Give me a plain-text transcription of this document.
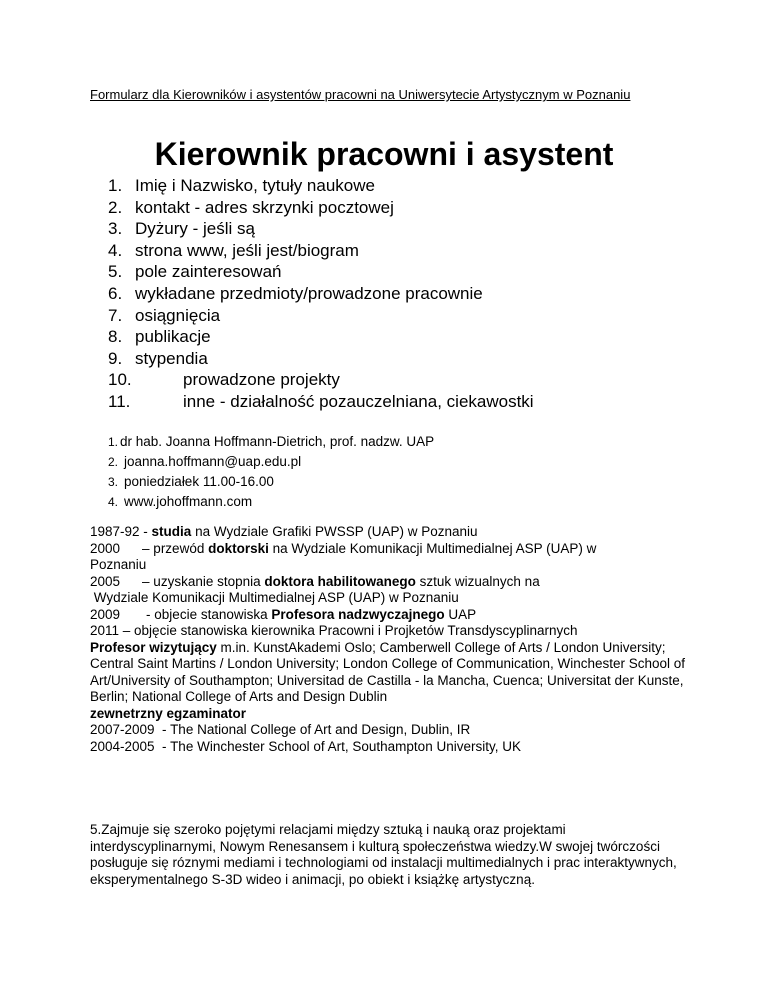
Formularz dla Kierowników i asystentów pracowni na Uniwersytecie Artystycznym w Poznaniu
Kierownik pracowni i asystent
1. Imię i Nazwisko, tytuły naukowe
2. kontakt - adres skrzynki pocztowej
3. Dyżury - jeśli są
4. strona www, jeśli jest/biogram
5. pole zainteresowań
6. wykładane przedmioty/prowadzone pracownie
7. osiągnięcia
8. publikacje
9. stypendia
10.	prowadzone projekty
11.	inne - działalność pozauczelniana, ciekawostki
1. dr hab. Joanna Hoffmann-Dietrich, prof. nadzw. UAP
2. joanna.hoffmann@uap.edu.pl
3. poniedziałek 11.00-16.00
4. www.johoffmann.com
1987-92 - studia na Wydziale Grafiki PWSSP (UAP) w Poznaniu
2000 – przewód doktorski na Wydziale Komunikacji Multimedialnej ASP (UAP) w
Poznaniu
2005 – uzyskanie stopnia doktora habilitowanego sztuk wizualnych na
Wydziale Komunikacji Multimedialnej ASP (UAP) w Poznaniu
2009 - objecie stanowiska Profesora nadzwyczajnego UAP
2011 – objęcie stanowiska kierownika Pracowni i Projketów Transdyscyplinarnych
Profesor wizytujący m.in. KunstAkademi Oslo; Camberwell College of Arts / London University; Central Saint Martins / London University; London College of Communication, Winchester School of Art/University of Southampton; Universitad de Castilla - la Mancha, Cuenca; Universitat der Kunste, Berlin; National College of Arts and Design Dublin
zewnetrzny egzaminator
2007-2009  - The National College of Art and Design, Dublin, IR
2004-2005  - The Winchester School of Art, Southampton University, UK
5.Zajmuje się szeroko pojętymi relacjami między sztuką i nauką oraz projektami interdyscyplinarnymi, Nowym Renesansem i kulturą społeczeństwa wiedzy.W swojej twórczości posługuje się róznymi mediami i technologiami od instalacji multimedialnych i prac interaktywnych, eksperymentalnego S-3D wideo i animacji, po obiekt i książkę artystyczną.
